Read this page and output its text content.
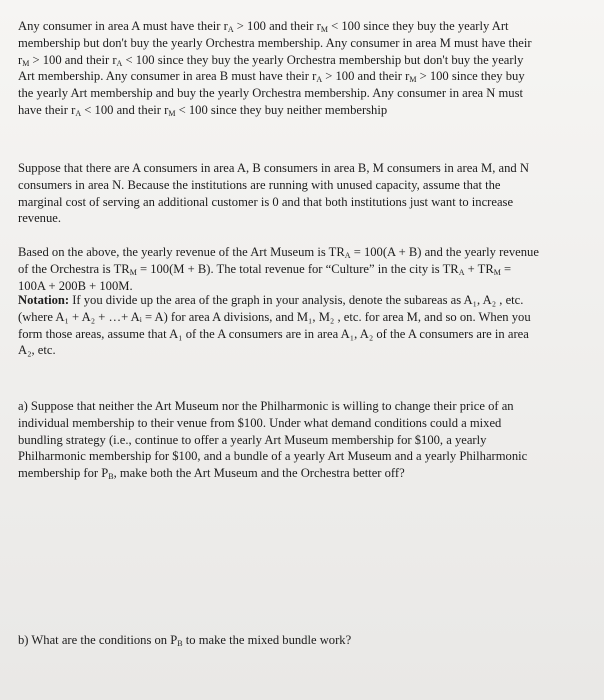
Any consumer in area A must have their $r_A > 100$ and their $r_M < 100$ since they buy the yearly Art
membership but don't buy the yearly Orchestra membership. Any consumer in area M must have their
$r_M > 100$ and their $r_A < 100$ since they buy the yearly Orchestra membership but don't buy the yearly
Art membership. Any consumer in area B must have their $r_A > 100$ and their $r_M > 100$ since they buy
the yearly Art membership and buy the yearly Orchestra membership. Any consumer in area N must
have their $r_A < 100$ and their $r_M < 100$ since they buy neither membership
Suppose that there are A consumers in area A, B consumers in area B, M consumers in area M, and N
consumers in area N. Because the institutions are running with unused capacity, assume that the
marginal cost of serving an additional customer is 0 and that both institutions just want to increase
revenue.
Based on the above, the yearly revenue of the Art Museum is $TR_A = 100(A + B)$ and the yearly revenue
of the Orchestra is $TR_M = 100(M + B)$. The total revenue for “Culture” in the city is $TR_A + TR_M$ =
100A + 200B + 100M.
Notation: If you divide up the area of the graph in your analysis, denote the subareas as A₁, A₂ , etc.
(where A₁ + A₂ + …+ Aᵢ = A) for area A divisions, and M₁, M₂ , etc. for area M, and so on. When you
form those areas, assume that A₁ of the A consumers are in area A₁, A₂ of the A consumers are in area
A₂, etc.
a) Suppose that neither the Art Museum nor the Philharmonic is willing to change their price of an
individual membership to their venue from $100. Under what demand conditions could a mixed
bundling strategy (i.e., continue to offer a yearly Art Museum membership for $100, a yearly
Philharmonic membership for $100, and a bundle of a yearly Art Museum and a yearly Philharmonic
membership for $P_B$, make both the Art Museum and the Orchestra better off?
b) What are the conditions on $P_B$ to make the mixed bundle work?
